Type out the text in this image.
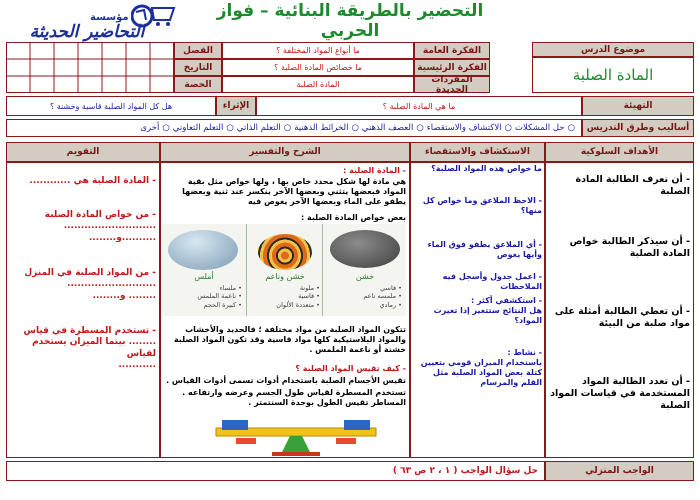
مؤسسة
التحاضير الحديثة
التحضير بالطريقة البنائية – فواز الحربي
موضوع الدرس
المادة الصلبة
الفكرة العامة
ما أنواع المواد المختلفة ؟
الفكرة الرئيسية
ما خصائص المادة الصلبة ؟
المفردات الجديدة
المادة الصلبة
الفصل
التاريخ
الحصة
التهيئة
ما هي المادة الصلبة ؟
الإثراء
هل كل المواد الصلبة قاسية وخشنة ؟
أساليب وطرق التدريس
○
حل المشكلات
○
الاكتشاف والاستقصاء
○
العصف الذهني
○
الخرائط الذهنية
○
التعلم الذاتي
○
التعلم التعاوني
○
أخرى
الأهداف السلوكية
الاستكشاف والاستقصاء
الشرح والتفسير
التقويم
- أن تعرف الطالبة المادة الصلبة
- أن سيذكر الطالبة خواص المادة الصلبة
- أن تعطي الطالبة أمثلة على مواد صلبة من البيئة
- أن تعدد الطالبة المواد المستخدمة في قياسات المواد الصلبة
ما خواص هذه المواد الصلبة؟
- الاحظ الملاعق وما خواص كل منها؟
- أي الملاعق يطفو فوق الماء وأيها يغوص
- اعمل جدول وأسجل فيه الملاحظات
- استكشفي أكثر :
هل النتائج ستتغير إذا تغيرت المواد؟
- نشاط :
باستخدام الميزان قومي بتعيين كتلة بعض المواد الصلبة مثل القلم والمرسام
- المادة الصلبة :
هي مادة لها شكل محدد خاص بها ، ولها خواص مثل بقية المواد فبعضها يتثني وبعضها الآخر ينكسر عند ثنية وبعضها يطفو على الماء وبعضها الآخر يغوص فيه
بعض خواص المادة الصلبة :
أملس	خشن وناعم	خشن
• ملساء
• ناعمة الملمس
• كبيرة الحجم
• ملونة
• قاسية
• متعددة الألوان
• قاسي
• ملمسه ناعم
• رمادي
تتكون المواد الصلبة من مواد مختلفة ؛ فالحديد والأخشاب والمواد البلاستيكية كلها مواد قاسية وقد تكون المواد الصلبة خشنة أو ناعمة الملمس .
- كيف تقيس المواد الصلبة ؟
تقيس الأجسام الصلبة باستخدام أدوات تسمى أدوات القياس .
تستخدم المسطرة لقياس طول الجسم وعرضه وارتفاعه . المساطر تقيس الطول بوحدة السنتمتر .
- المادة الصلبة هي ............
- من خواص المادة الصلبة ...........................
..........و........
- من المواد الصلبة في المنزل ..........................
........ و........
- تستخدم المسطرة في قياس ........ بينما الميزان يستخدم لقياس
...........
الواجب المنزلي
حل سؤال الواجب ( ١ ، ٢ ص ٦٣ )
